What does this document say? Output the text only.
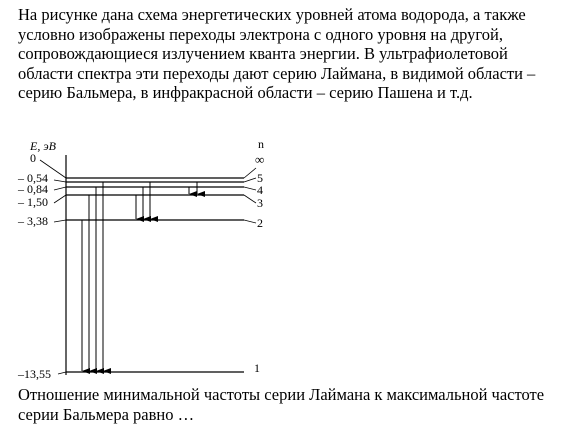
На рисунке дана схема энергетических уровней атома водорода, а также условно изображены переходы электрона с одного уровня на другой, сопровождающиеся излучением кванта энергии. В ультрафиолетовой области спектра эти переходы дают серию Лаймана, в видимой области – серию Бальмера, в инфракрасной области – серию Пашена и т.д.

E, эВ	n
0
– 0,54
– 0,84
– 1,50
– 3,38
–13,55
∞
5
4
3
2
1

Отношение минимальной частоты серии Лаймана к максимальной частоте серии Бальмера равно …
